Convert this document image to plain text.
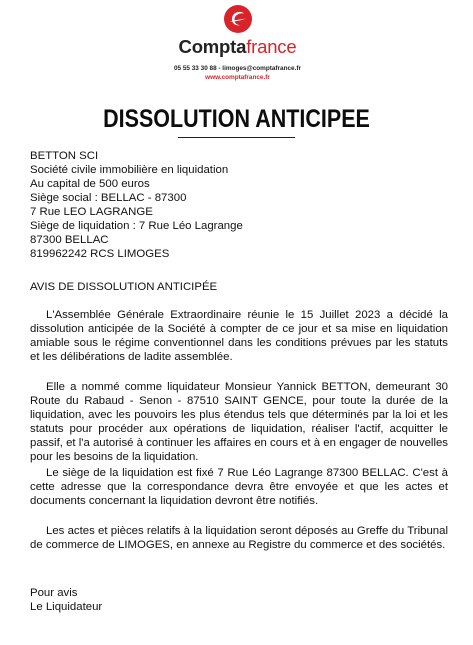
Comptafrance
05 55 33 30 88 - limoges@comptafrance.fr
www.comptafrance.fr
DISSOLUTION ANTICIPEE
BETTON SCI
Société civile immobilière en liquidation
Au capital de 500 euros
Siège social : BELLAC - 87300
7 Rue LEO LAGRANGE
Siège de liquidation : 7 Rue Léo Lagrange
87300 BELLAC
819962242 RCS LIMOGES
AVIS DE DISSOLUTION ANTICIPÉE
L'Assemblée Générale Extraordinaire réunie le 15 Juillet 2023 a décidé la dissolution anticipée de la Société à compter de ce jour et sa mise en liquidation amiable sous le régime conventionnel dans les conditions prévues par les statuts et les délibérations de ladite assemblée.
Elle a nommé comme liquidateur Monsieur Yannick BETTON, demeurant 30 Route du Rabaud - Senon - 87510 SAINT GENCE, pour toute la durée de la liquidation, avec les pouvoirs les plus étendus tels que déterminés par la loi et les statuts pour procéder aux opérations de liquidation, réaliser l'actif, acquitter le passif, et l'a autorisé à continuer les affaires en cours et à en engager de nouvelles pour les besoins de la liquidation.
Le siège de la liquidation est fixé 7 Rue Léo Lagrange 87300 BELLAC. C'est à cette adresse que la correspondance devra être envoyée et que les actes et documents concernant la liquidation devront être notifiés.
Les actes et pièces relatifs à la liquidation seront déposés au Greffe du Tribunal de commerce de LIMOGES, en annexe au Registre du commerce et des sociétés.
Pour avis
Le Liquidateur
